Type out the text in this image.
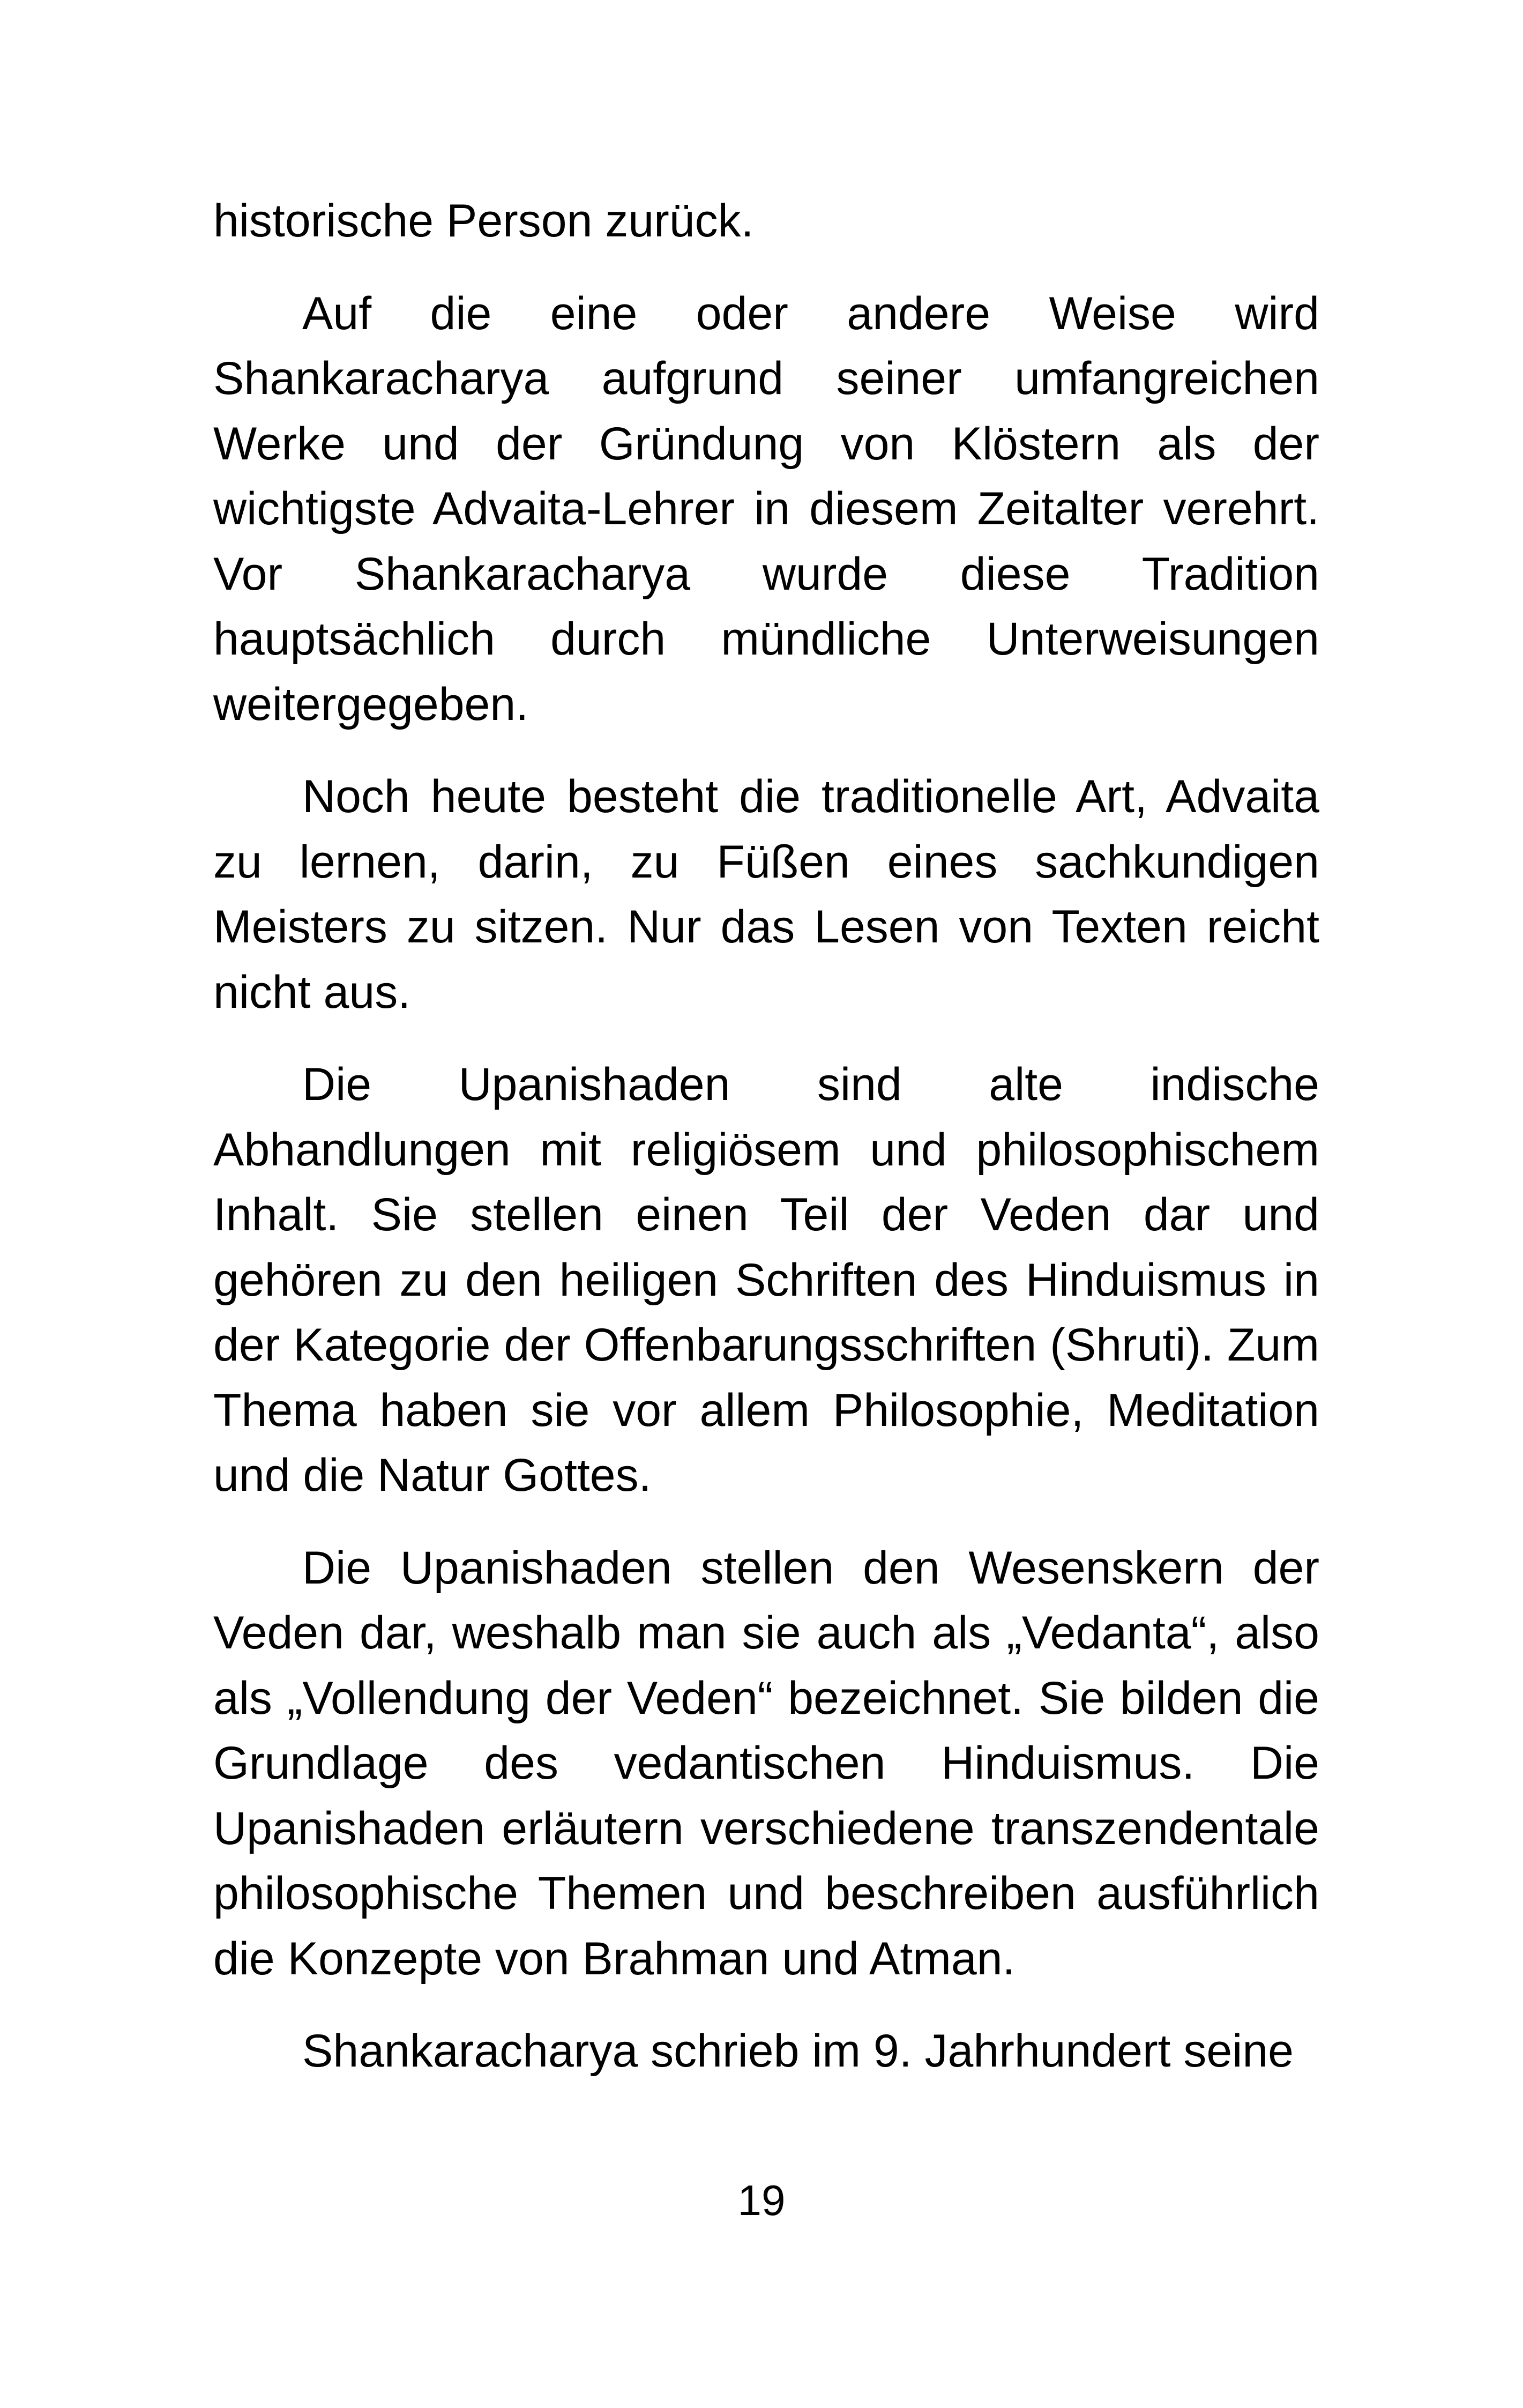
historische Person zurück.

Auf die eine oder andere Weise wird Shankaracharya aufgrund seiner umfangreichen Werke und der Gründung von Klöstern als der wichtigste Advaita-Lehrer in diesem Zeitalter verehrt. Vor Shankaracharya wurde diese Tradition hauptsächlich durch mündliche Unterweisungen weitergegeben.

Noch heute besteht die traditionelle Art, Advaita zu lernen, darin, zu Füßen eines sachkundigen Meisters zu sitzen. Nur das Lesen von Texten reicht nicht aus.

Die Upanishaden sind alte indische Abhandlungen mit religiösem und philosophischem Inhalt. Sie stellen einen Teil der Veden dar und gehören zu den heiligen Schriften des Hinduismus in der Kategorie der Offenbarungsschriften (Shruti). Zum Thema haben sie vor allem Philosophie, Meditation und die Natur Gottes.

Die Upanishaden stellen den Wesenskern der Veden dar, weshalb man sie auch als „Vedanta“, also als „Vollendung der Veden“ bezeichnet. Sie bilden die Grundlage des vedantischen Hinduismus. Die Upanishaden erläutern verschiedene transzendentale philosophische Themen und beschreiben ausführlich die Konzepte von Brahman und Atman.

Shankaracharya schrieb im 9. Jahrhundert seine

19
